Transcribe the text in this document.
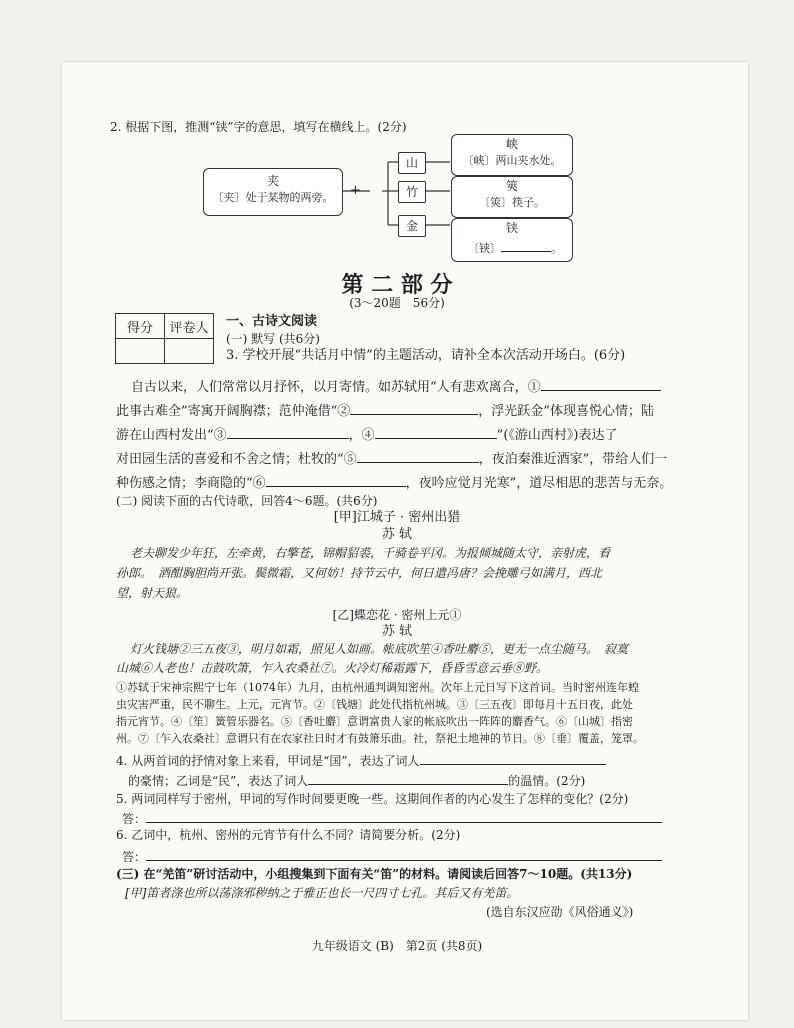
2. 根据下图，推测“铗”字的意思，填写在横线上。(2分)
夹
〔夹〕处于某物的两旁。	+
山
竹
金
峡
〔峡〕两山夹水处。
筴
〔筴〕筷子。
铗
〔铗〕	。
第 二 部 分
(3～20题　56分)
得分	评卷人
	一、古诗文阅读
(一) 默写 (共6分)
3. 学校开展“共话月中情”的主题活动，请补全本次活动开场白。(6分)
自古以来，人们常常以月抒怀，以月寄情。如苏轼用“人有悲欢离合，①
此事古难全”寄寓开阔胸襟；范仲淹借“②	，浮光跃金”体现喜悦心情；陆
游在山西村发出“③	，④	”(《游山西村》)表达了
对田园生活的喜爱和不舍之情；杜牧的“⑤	，夜泊秦淮近酒家”，带给人们一
种伤感之情；李商隐的“⑥	，夜吟应觉月光寒”，道尽相思的悲苦与无奈。
(二) 阅读下面的古代诗歌，回答4～6题。(共6分)
[甲]江城子 · 密州出猎
苏 轼
老夫聊发少年狂，左牵黄，右擎苍，锦帽貂裘，千骑卷平冈。为报倾城随太守，亲射虎，看
孙郎。　酒酣胸胆尚开张。鬓微霜，又何妨！持节云中，何日遣冯唐？会挽雕弓如满月，西北
望，射天狼。
[乙]蝶恋花 · 密州上元①
苏 轼
灯火钱塘②三五夜③，明月如霜，照见人如画。帐底吹笙④香吐麝⑤，更无一点尘随马。　寂寞
山城⑥人老也！击鼓吹箫，乍入农桑社⑦。火冷灯稀霜露下，昏昏雪意云垂⑧野。
①苏轼于宋神宗熙宁七年（1074年）九月，由杭州通判调知密州。次年上元日写下这首词。当时密州连年蝗
虫灾害严重，民不聊生。上元，元宵节。②〔钱塘〕此处代指杭州城。③〔三五夜〕即每月十五日夜，此处
指元宵节。④〔笙〕簧管乐器名。⑤〔香吐麝〕意谓富贵人家的帐底吹出一阵阵的麝香气。⑥〔山城〕指密
州。⑦〔乍入农桑社〕意谓只有在农家社日时才有鼓箫乐曲。社，祭祀土地神的节日。⑧〔垂〕覆盖，笼罩。
4. 从两首词的抒情对象上来看，甲词是“国”，表达了词人
的豪情；乙词是“民”，表达了词人	的温情。(2分)
5. 两词同样写于密州，甲词的写作时间要更晚一些。这期间作者的内心发生了怎样的变化？(2分)
答：
6. 乙词中，杭州、密州的元宵节有什么不同？请简要分析。(2分)
答：
(三) 在“羌笛”研讨活动中，小组搜集到下面有关“笛”的材料。请阅读后回答7～10题。(共13分)
[甲]笛者涤也所以荡涤邪秽纳之于雅正也长一尺四寸七孔。其后又有羌笛。
(选自东汉应劭《风俗通义》)
九年级语文 (B)　第2页 (共8页)
